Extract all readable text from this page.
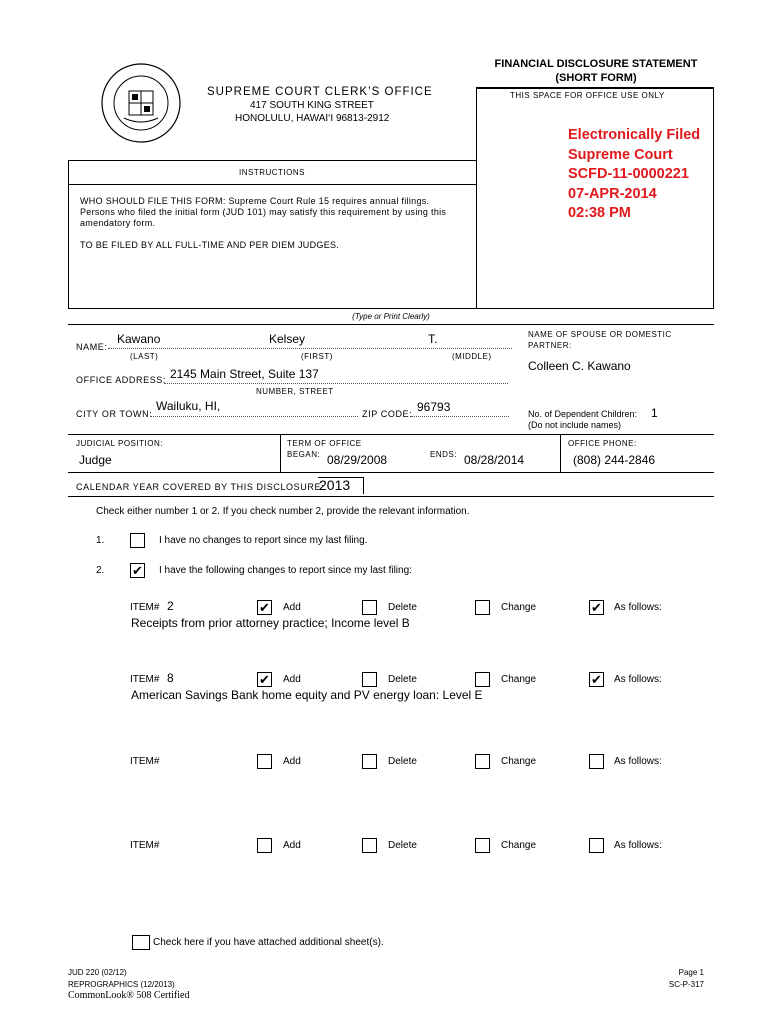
SUPREME COURT CLERK’S OFFICE
417 SOUTH KING STREET
HONOLULU, HAWAI‘I 96813-2912
FINANCIAL DISCLOSURE STATEMENT
(SHORT FORM)
THIS SPACE FOR OFFICE USE ONLY
Electronically Filed
Supreme Court
SCFD-11-0000221
07-APR-2014
02:38 PM
INSTRUCTIONS
WHO SHOULD FILE THIS FORM: Supreme Court Rule 15 requires annual filings.
Persons who filed the initial form (JUD 101) may satisfy this requirement by using this
amendatory form.
TO BE FILED BY ALL FULL-TIME AND PER DIEM JUDGES.
(Type or Print Clearly)
NAME:
Kawano	Kelsey	T.
(LAST)	(FIRST)	(MIDDLE)
NAME OF SPOUSE OR DOMESTIC
PARTNER:
Colleen C. Kawano
OFFICE ADDRESS: 2145 Main Street, Suite 137
NUMBER, STREET
CITY OR TOWN:
Wailuku, HI,
ZIP CODE: 96793	No. of Dependent Children: 1
(Do not include names)
JUDICIAL POSITION:
Judge
TERM OF OFFICE
BEGAN: 08/29/2008	ENDS: 08/28/2014
OFFICE PHONE:
(808) 244-2846
CALENDAR YEAR COVERED BY THIS DISCLOSURE:
2013
Check either number 1 or 2. If you check number 2, provide the relevant information.
1.	I have no changes to report since my last filing.
2. ✔ I have the following changes to report since my last filing:
ITEM# 2	✔ Add	Delete	Change	✔ As follows:
Receipts from prior attorney practice; Income level B
ITEM# 8	✔ Add	Delete	Change	✔ As follows:
American Savings Bank home equity and PV energy loan: Level E
ITEM#	Add	Delete	Change	As follows:
ITEM#	Add	Delete	Change	As follows:
Check here if you have attached additional sheet(s).
JUD 220 (02/12)
REPROGRAPHICS (12/2013)
CommonLook® 508 Certified
Page 1
SC-P-317
